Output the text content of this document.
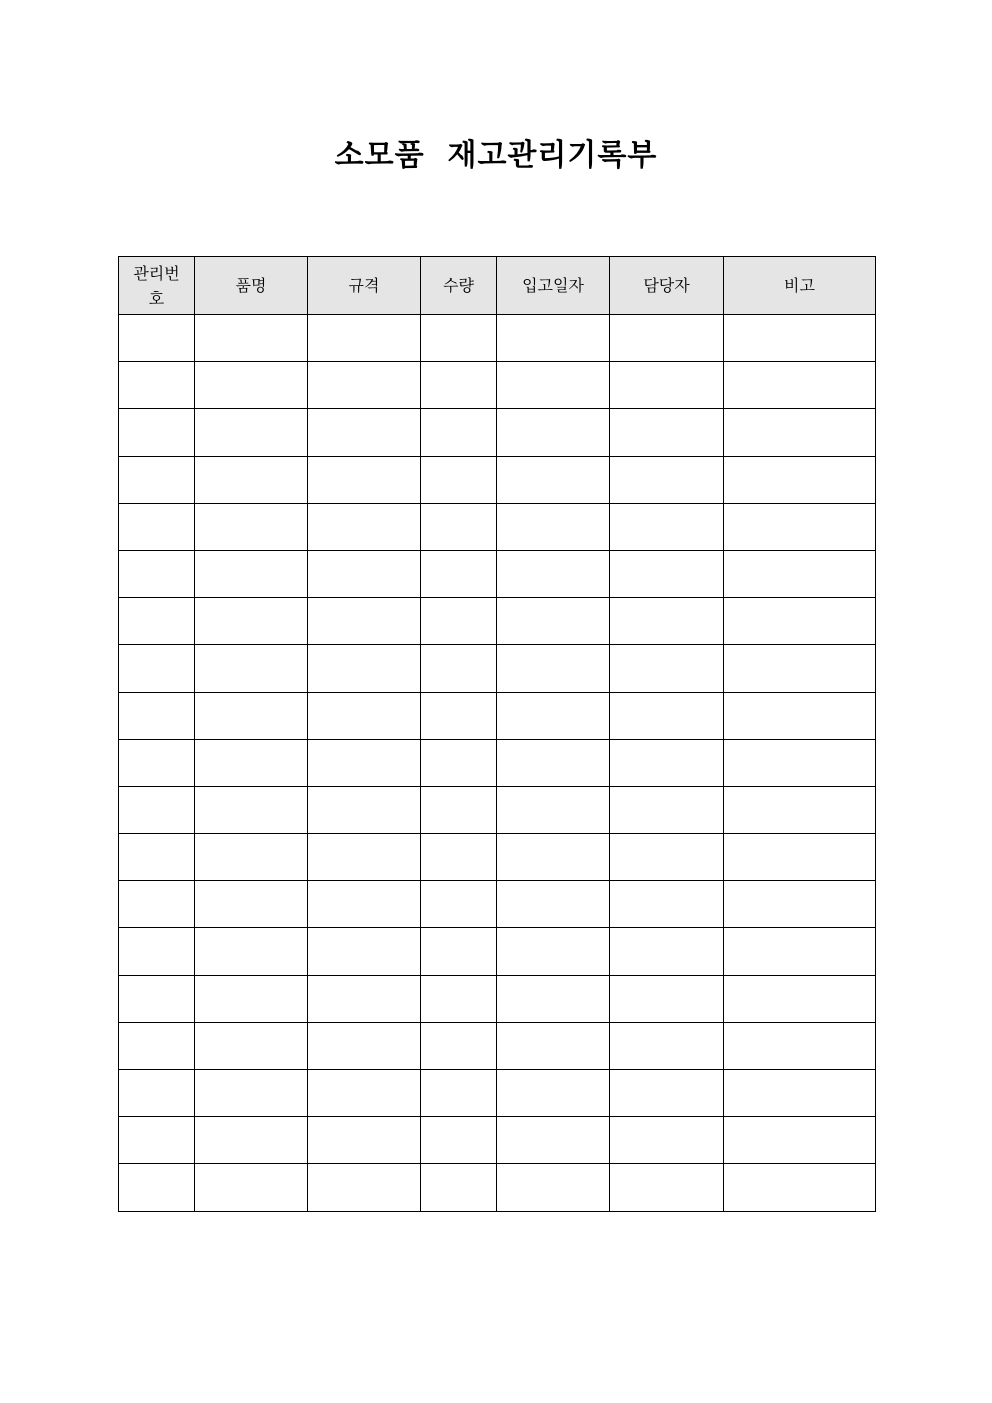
소모품  재고관리기록부
관리번호	품명	규격	수량	입고일자	담당자	비고
